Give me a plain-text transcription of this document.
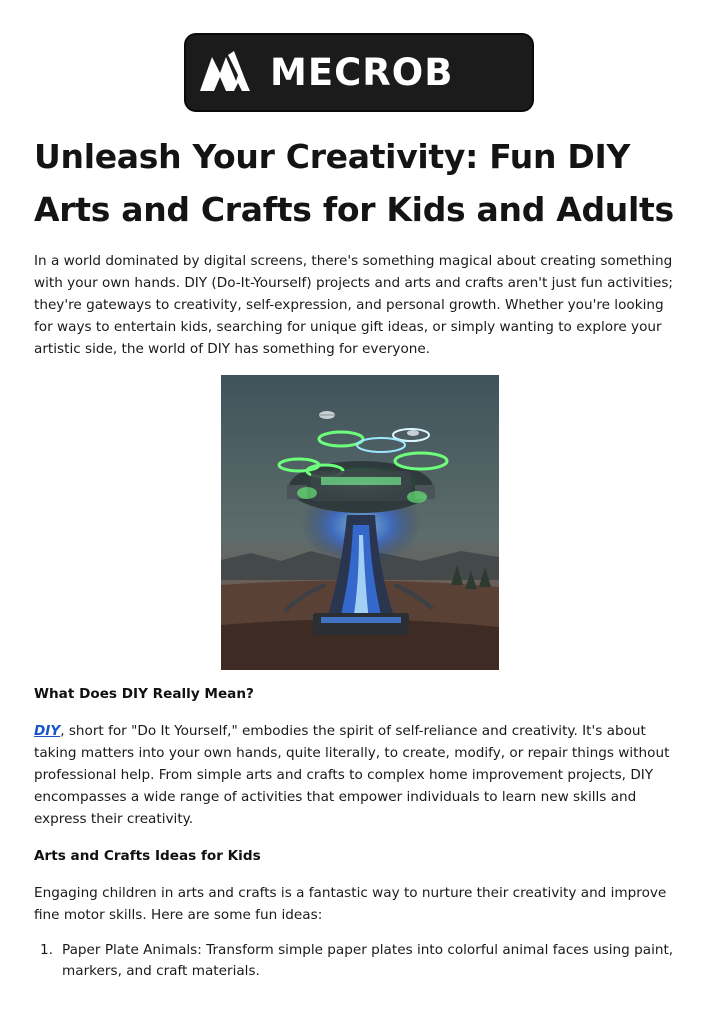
MECROB
Unleash Your Creativity: Fun DIY Arts and Crafts for Kids and Adults

In a world dominated by digital screens, there's something magical about creating something with your own hands. DIY (Do-It-Yourself) projects and arts and crafts aren't just fun activities; they're gateways to creativity, self-expression, and personal growth. Whether you're looking for ways to entertain kids, searching for unique gift ideas, or simply wanting to explore your artistic side, the world of DIY has something for everyone.

What Does DIY Really Mean?

DIY, short for "Do It Yourself," embodies the spirit of self-reliance and creativity. It's about taking matters into your own hands, quite literally, to create, modify, or repair things without professional help. From simple arts and crafts to complex home improvement projects, DIY encompasses a wide range of activities that empower individuals to learn new skills and express their creativity.

Arts and Crafts Ideas for Kids

Engaging children in arts and crafts is a fantastic way to nurture their creativity and improve fine motor skills. Here are some fun ideas:

1. Paper Plate Animals: Transform simple paper plates into colorful animal faces using paint, markers, and craft materials.
